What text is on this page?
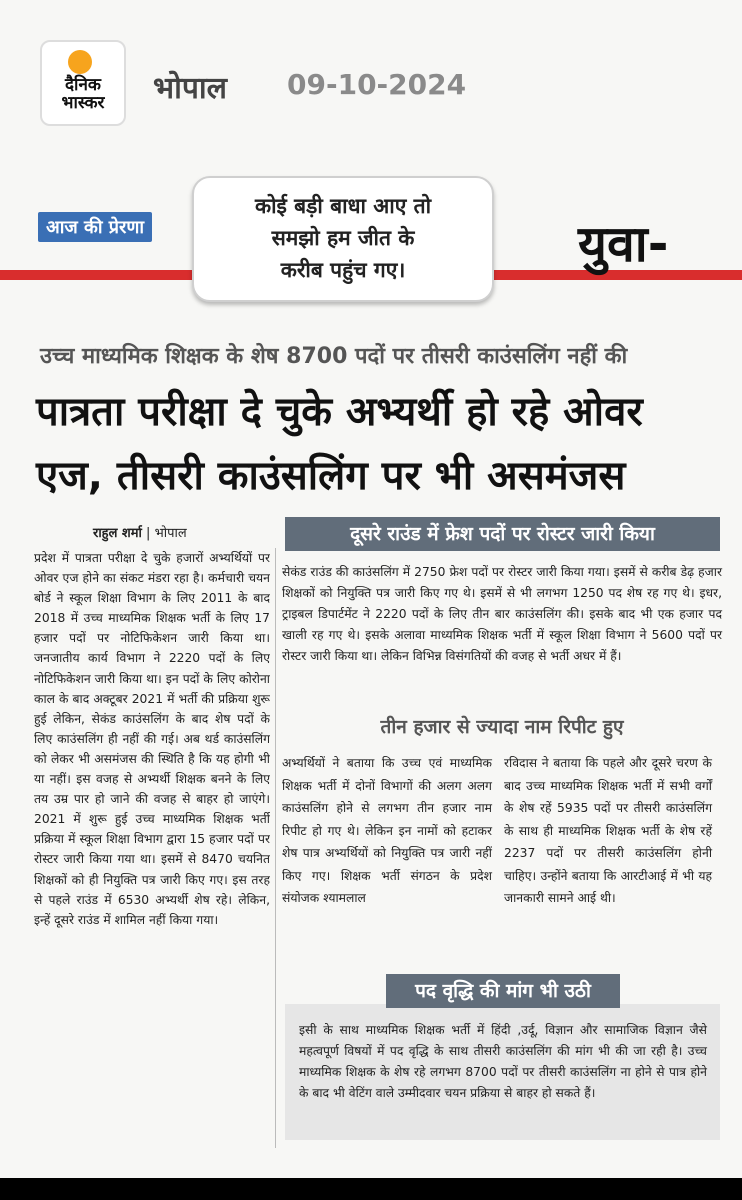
दैनिक
भास्कर	भोपाल 09-10-2024
आज की प्रेरणा
कोई बड़ी बाधा आए तो
समझो हम जीत के
करीब पहुंच गए।	युवा-
उच्च माध्यमिक शिक्षक के शेष 8700 पदों पर तीसरी काउंसलिंग नहीं की
पात्रता परीक्षा दे चुके अभ्यर्थी हो रहे ओवर
एज, तीसरी काउंसलिंग पर भी असमंजस
राहुल शर्मा | भोपाल
प्रदेश में पात्रता परीक्षा दे चुके हजारों अभ्यर्थियों पर ओवर एज होने का संकट मंडरा रहा है। कर्मचारी चयन बोर्ड ने स्कूल शिक्षा विभाग के लिए 2011 के बाद 2018 में उच्च माध्यमिक शिक्षक भर्ती के लिए 17 हजार पदों पर नोटिफिकेशन जारी किया था। जनजातीय कार्य विभाग ने 2220 पदों के लिए नोटिफिकेशन जारी किया था। इन पदों के लिए कोरोना काल के बाद अक्टूबर 2021 में भर्ती की प्रक्रिया शुरू हुई लेकिन, सेकंड काउंसलिंग के बाद शेष पदों के लिए काउंसलिंग ही नहीं की गई। अब थर्ड काउंसलिंग को लेकर भी असमंजस की स्थिति है कि यह होगी भी या नहीं। इस वजह से अभ्यर्थी शिक्षक बनने के लिए तय उम्र पार हो जाने की वजह से बाहर हो जाएंगे। 2021 में शुरू हुई उच्च माध्यमिक शिक्षक भर्ती प्रक्रिया में स्कूल शिक्षा विभाग द्वारा 15 हजार पदों पर रोस्टर जारी किया गया था। इसमें से 8470 चयनित शिक्षकों को ही नियुक्ति पत्र जारी किए गए। इस तरह से पहले राउंड में 6530 अभ्यर्थी शेष रहे। लेकिन, इन्हें दूसरे राउंड में शामिल नहीं किया गया।
दूसरे राउंड में फ्रेश पदों पर रोस्टर जारी किया
सेकंड राउंड की काउंसलिंग में 2750 फ्रेश पदों पर रोस्टर जारी किया गया। इसमें से करीब डेढ़ हजार शिक्षकों को नियुक्ति पत्र जारी किए गए थे। इसमें से भी लगभग 1250 पद शेष रह गए थे। इधर, ट्राइबल डिपार्टमेंट ने 2220 पदों के लिए तीन बार काउंसलिंग की। इसके बाद भी एक हजार पद खाली रह गए थे। इसके अलावा माध्यमिक शिक्षक भर्ती में स्कूल शिक्षा विभाग ने 5600 पदों पर रोस्टर जारी किया था। लेकिन विभिन्न विसंगतियों की वजह से भर्ती अधर में हैं।
तीन हजार से ज्यादा नाम रिपीट हुए
अभ्यर्थियों ने बताया कि उच्च एवं माध्यमिक शिक्षक भर्ती में दोनों विभागों की अलग अलग काउंसलिंग होने से लगभग तीन हजार नाम रिपीट हो गए थे। लेकिन इन नामों को हटाकर शेष पात्र अभ्यर्थियों को नियुक्ति पत्र जारी नहीं किए गए। शिक्षक भर्ती संगठन के प्रदेश संयोजक श्यामलाल
रविदास ने बताया कि पहले और दूसरे चरण के बाद उच्च माध्यमिक शिक्षक भर्ती में सभी वर्गों के शेष रहें 5935 पदों पर तीसरी काउंसलिंग के साथ ही माध्यमिक शिक्षक भर्ती के शेष रहें 2237 पदों पर तीसरी काउंसलिंग होनी चाहिए। उन्होंने बताया कि आरटीआई में भी यह जानकारी सामने आई थी।
इसी के साथ माध्यमिक शिक्षक भर्ती में हिंदी ,उर्दू, विज्ञान और सामाजिक विज्ञान जैसे महत्वपूर्ण विषयों में पद वृद्धि के साथ तीसरी काउंसलिंग की मांग भी की जा रही है। उच्च माध्यमिक शिक्षक के शेष रहे लगभग 8700 पदों पर तीसरी काउंसलिंग ना होने से पात्र होने के बाद भी वेटिंग वाले उम्मीदवार चयन प्रक्रिया से बाहर हो सकते हैं।
पद वृद्धि की मांग भी उठी
